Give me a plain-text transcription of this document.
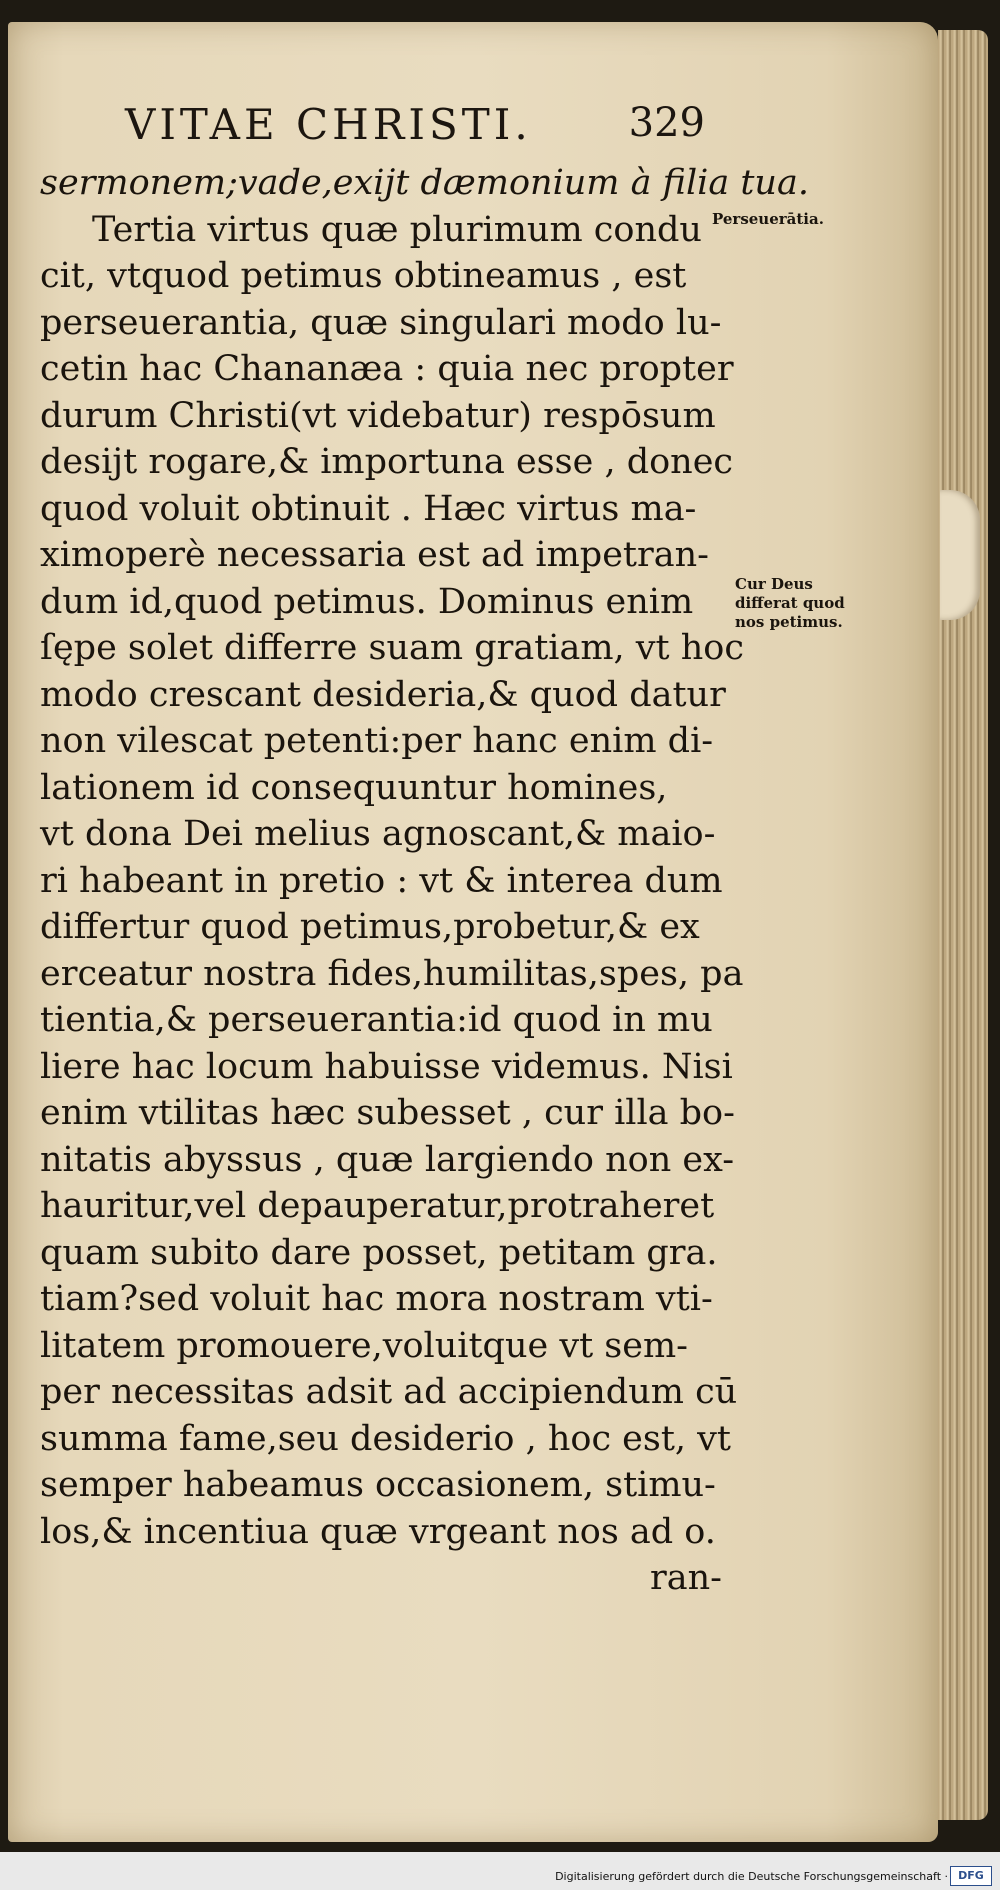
VITAE CHRISTI. 329
sermonem;vade,exijt dæmonium à filia tua.
Tertia virtus quæ plurimum condu
cit, vtquod petimus obtineamus , est
perseuerantia, quæ singulari modo lu-
cetin hac Chananæa : quia nec propter
durum Christi(vt videbatur) respōsum
desijt rogare,& importuna esse , donec
quod voluit obtinuit . Hæc virtus ma-
ximoperè necessaria est ad impetran-
dum id,quod petimus. Dominus enim
ſępe solet differre suam gratiam, vt hoc
modo crescant desideria,& quod datur
non vilescat petenti:per hanc enim di-
lationem id consequuntur homines,
vt dona Dei melius agnoscant,& maio-
ri habeant in pretio : vt & interea dum
differtur quod petimus,probetur,& ex
erceatur nostra fides,humilitas,spes, pa
tientia,& perseuerantia:id quod in mu
liere hac locum habuisse videmus. Nisi
enim vtilitas hæc subesset , cur illa bo-
nitatis abyssus , quæ largiendo non ex-
hauritur,vel depauperatur,protraheret
quam subito dare posset, petitam gra.
tiam?sed voluit hac mora nostram vti-
litatem promouere,voluitque vt sem-
per necessitas adsit ad accipiendum cū
summa fame,seu desiderio , hoc est, vt
semper habeamus occasionem, stimu-
los,& incentiua quæ vrgeant nos ad o.
ran-
Perseuerātia.
Cur Deus
differat quod
nos petimus.
Digitalisierung gefördert durch die Deutsche Forschungsgemeinschaft · DFG
